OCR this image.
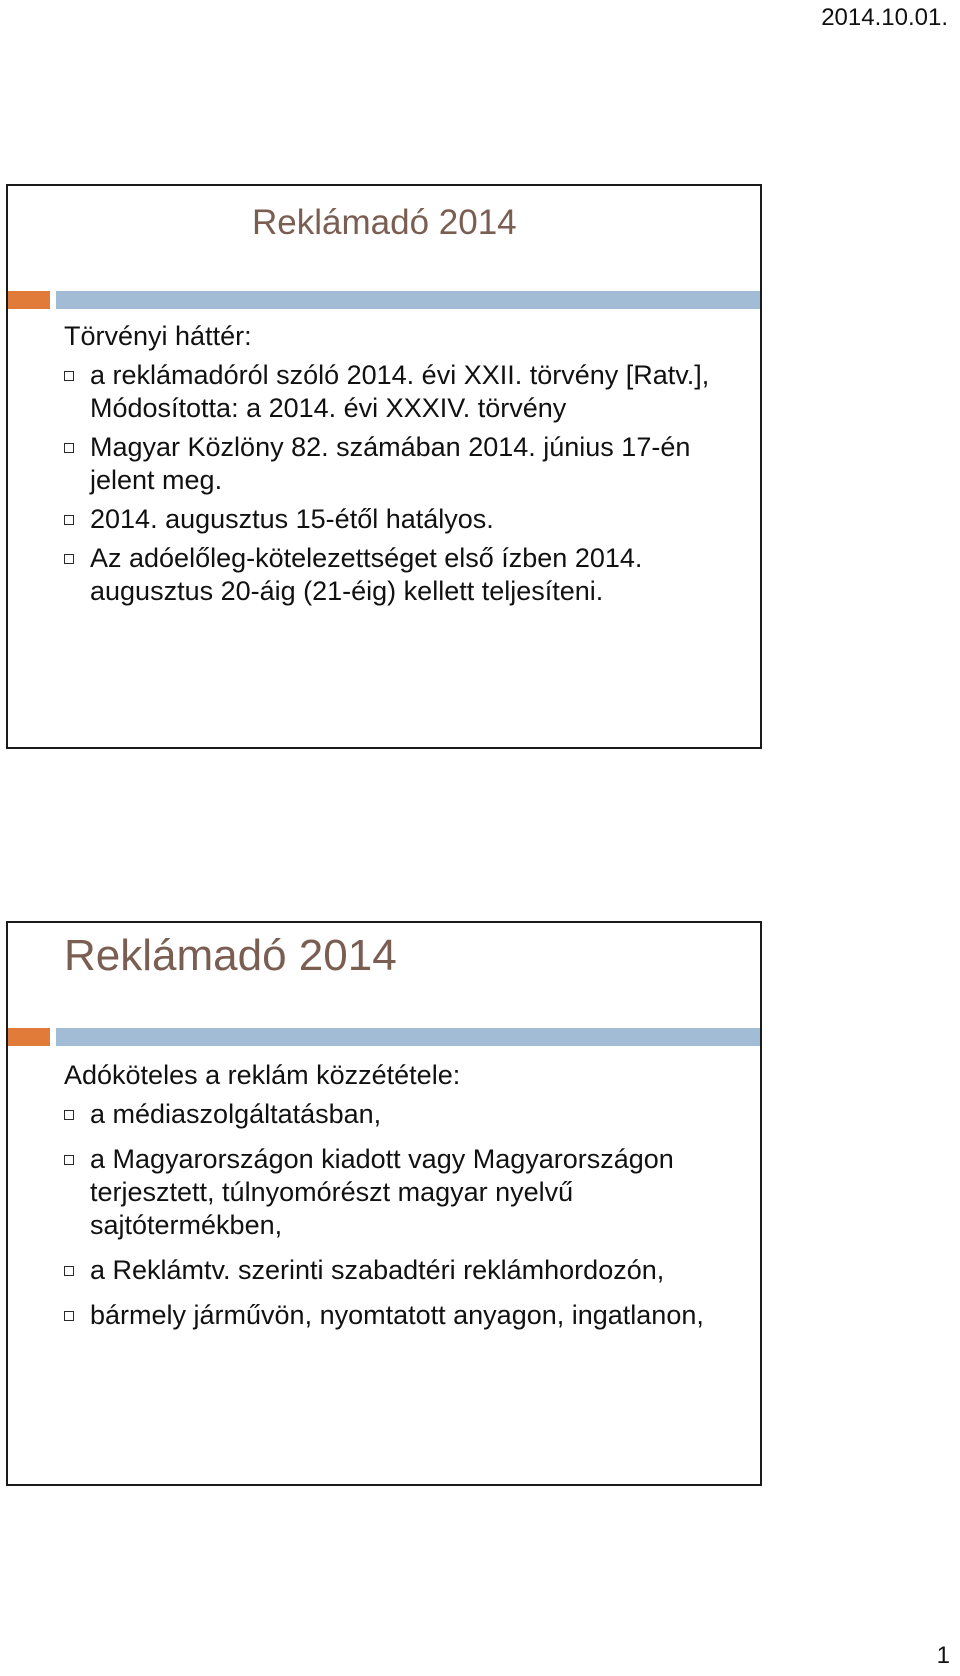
2014.10.01.
Reklámadó 2014

Törvényi háttér:

a reklámadóról szóló 2014. évi XXII. törvény [Ratv.], Módosította: a 2014. évi XXXIV. törvény
Magyar Közlöny 82. számában 2014. június 17-én jelent meg.
2014. augusztus 15-étől hatályos.
Az adóelőleg-kötelezettséget első ízben 2014. augusztus 20-áig (21-éig) kellett teljesíteni.
Reklámadó 2014

Adóköteles a reklám közzététele:

a médiaszolgáltatásban,
a Magyarországon kiadott vagy Magyarországon terjesztett, túlnyomórészt magyar nyelvű sajtótermékben,
a Reklámtv. szerinti szabadtéri reklámhordozón,
bármely járművön, nyomtatott anyagon, ingatlanon,
1
